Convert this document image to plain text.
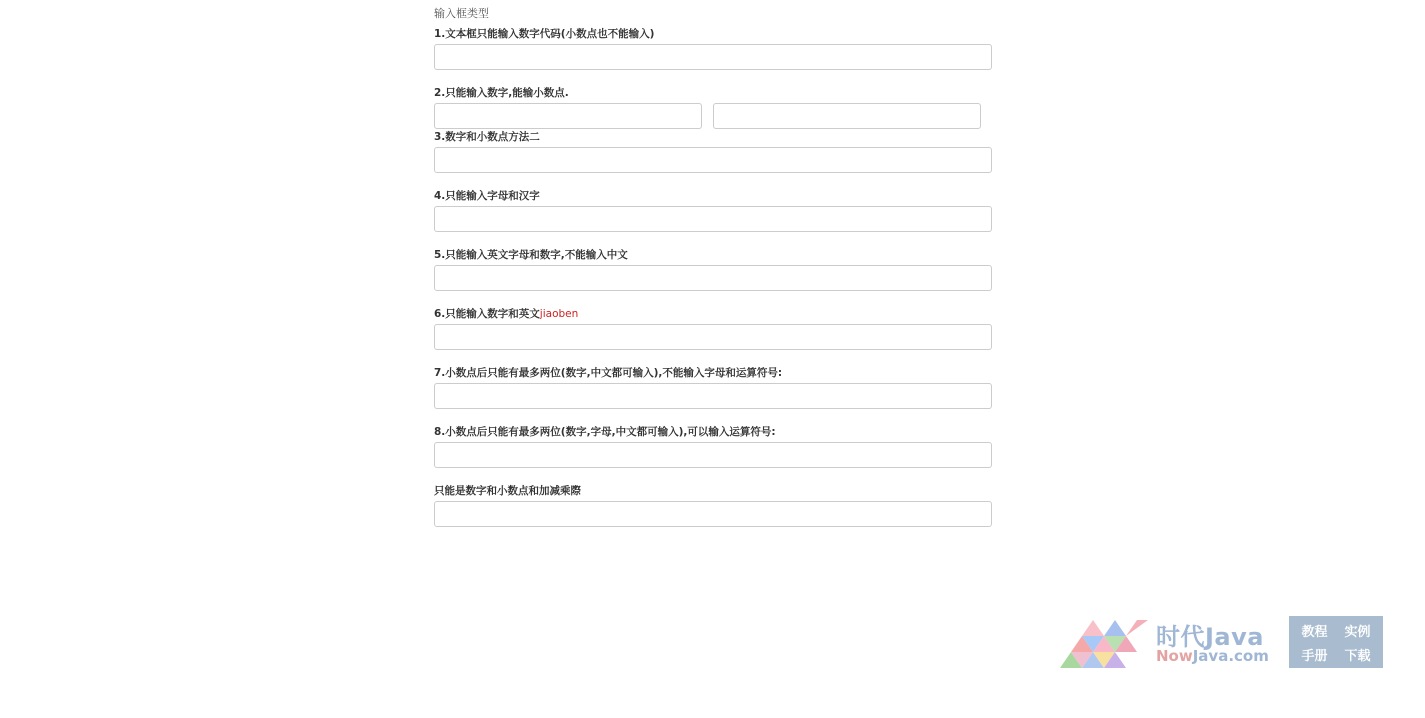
输入框类型
1.文本框只能输入数字代码(小数点也不能输入)
2.只能输入数字,能输小数点.
3.数字和小数点方法二
4.只能输入字母和汉字
5.只能输入英文字母和数字,不能输入中文
6.只能输入数字和英文jiaoben
7.小数点后只能有最多两位(数字,中文都可输入),不能输入字母和运算符号:
8.小数点后只能有最多两位(数字,字母,中文都可输入),可以输入运算符号:
只能是数字和小数点和加减乘際
时代Java
NowJava.com
教程 实例
手册 下载
